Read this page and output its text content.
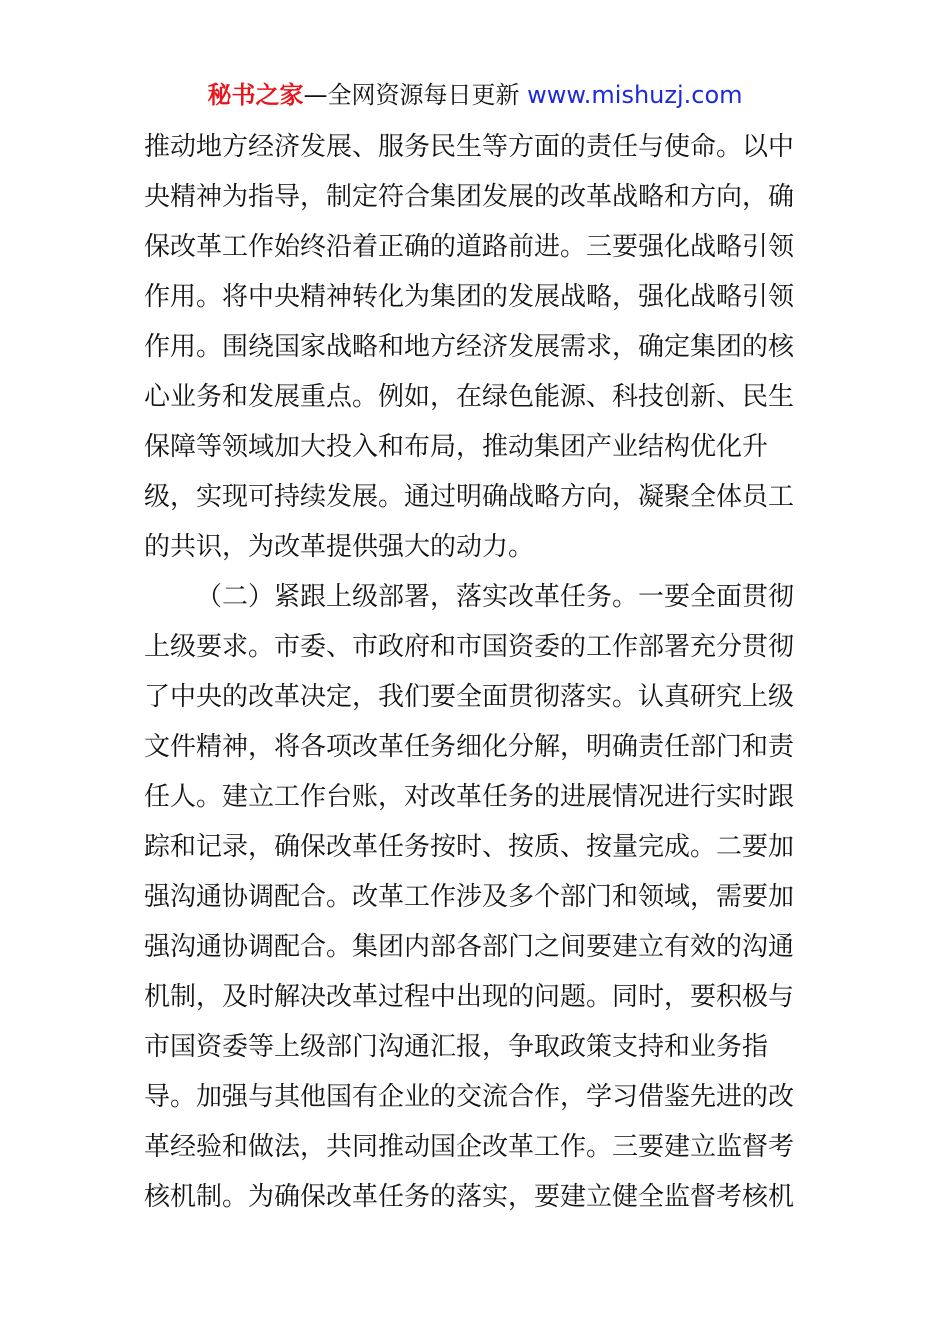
秘书之家—全网资源每日更新 www.mishuzj.com
推动地方经济发展、服务民生等方面的责任与使命。以中
央精神为指导，制定符合集团发展的改革战略和方向，确
保改革工作始终沿着正确的道路前进。三要强化战略引领
作用。将中央精神转化为集团的发展战略，强化战略引领
作用。围绕国家战略和地方经济发展需求，确定集团的核
心业务和发展重点。例如，在绿色能源、科技创新、民生
保障等领域加大投入和布局，推动集团产业结构优化升
级，实现可持续发展。通过明确战略方向，凝聚全体员工
的共识，为改革提供强大的动力。
（二）紧跟上级部署，落实改革任务。一要全面贯彻
上级要求。市委、市政府和市国资委的工作部署充分贯彻
了中央的改革决定，我们要全面贯彻落实。认真研究上级
文件精神，将各项改革任务细化分解，明确责任部门和责
任人。建立工作台账，对改革任务的进展情况进行实时跟
踪和记录，确保改革任务按时、按质、按量完成。二要加
强沟通协调配合。改革工作涉及多个部门和领域，需要加
强沟通协调配合。集团内部各部门之间要建立有效的沟通
机制，及时解决改革过程中出现的问题。同时，要积极与
市国资委等上级部门沟通汇报，争取政策支持和业务指
导。加强与其他国有企业的交流合作，学习借鉴先进的改
革经验和做法，共同推动国企改革工作。三要建立监督考
核机制。为确保改革任务的落实，要建立健全监督考核机
